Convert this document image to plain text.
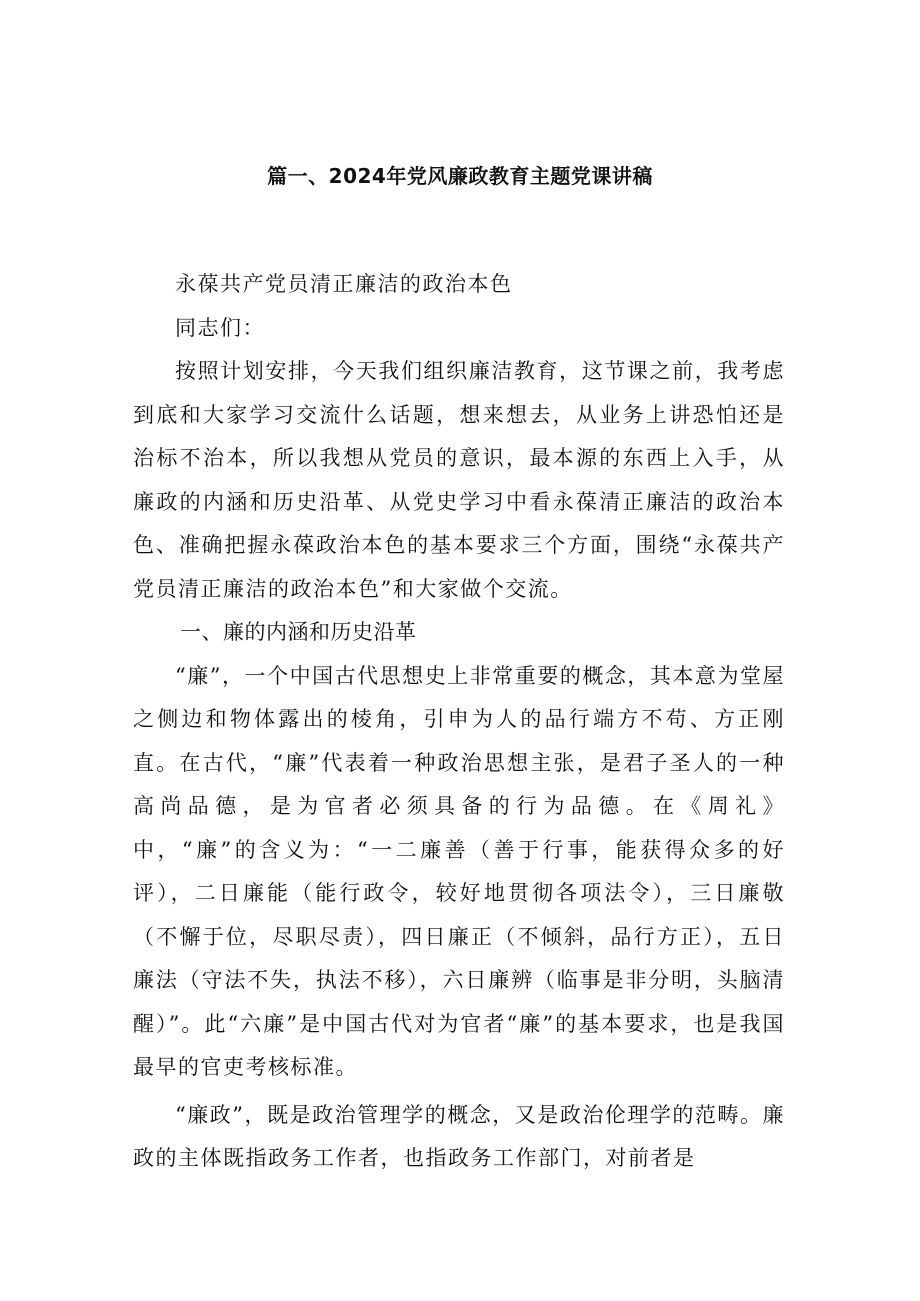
篇一、2024年党风廉政教育主题党课讲稿

永葆共产党员清正廉洁的政治本色

同志们：

按照计划安排，今天我们组织廉洁教育，这节课之前，我考虑到底和大家学习交流什么话题，想来想去，从业务上讲恐怕还是治标不治本，所以我想从党员的意识，最本源的东西上入手，从廉政的内涵和历史沿革、从党史学习中看永葆清正廉洁的政治本色、准确把握永葆政治本色的基本要求三个方面，围绕“永葆共产党员清正廉洁的政治本色”和大家做个交流。

一、廉的内涵和历史沿革

“廉”，一个中国古代思想史上非常重要的概念，其本意为堂屋之侧边和物体露出的棱角，引申为人的品行端方不苟、方正刚直。在古代，“廉”代表着一种政治思想主张，是君子圣人的一种高尚品德，是为官者必须具备的行为品德。在《周礼》中，“廉”的含义为：“一二廉善（善于行事，能获得众多的好评），二日廉能（能行政令，较好地贯彻各项法令），三日廉敬（不懈于位，尽职尽责），四日廉正（不倾斜，品行方正），五日廉法（守法不失，执法不移），六日廉辨（临事是非分明，头脑清醒）”。此“六廉”是中国古代对为官者“廉”的基本要求，也是我国最早的官吏考核标准。

“廉政”，既是政治管理学的概念，又是政治伦理学的范畴。廉政的主体既指政务工作者，也指政务工作部门，对前者是
